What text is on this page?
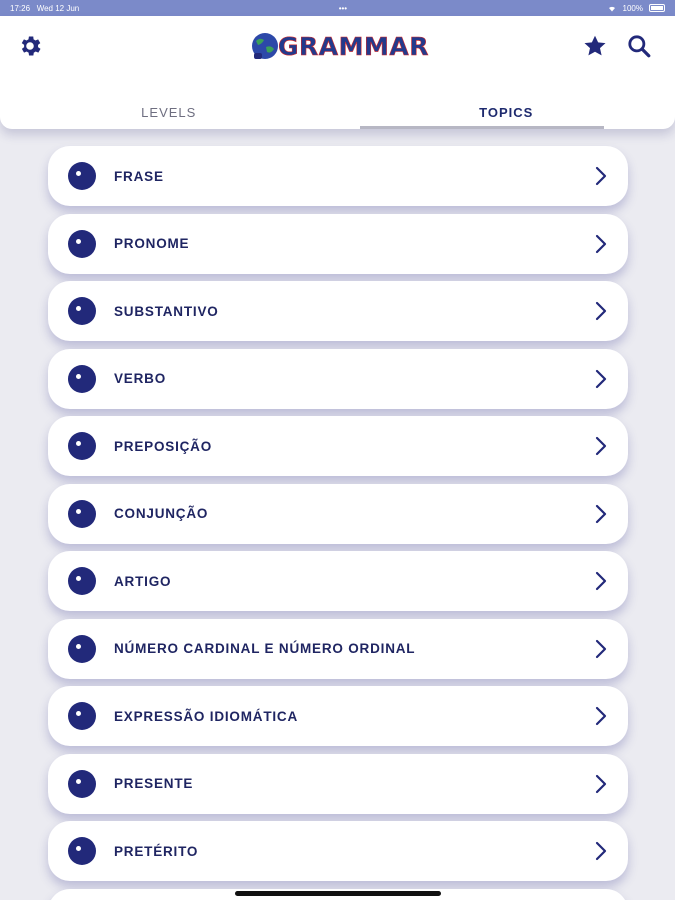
17:26 Wed 12 Jun	•••	100%
GRAMMAR
LEVELS	TOPICS
FRASE
PRONOME
SUBSTANTIVO
VERBO
PREPOSIÇÃO
CONJUNÇÃO
ARTIGO
NÚMERO CARDINAL E NÚMERO ORDINAL
EXPRESSÃO IDIOMÁTICA
PRESENTE
PRETÉRITO
